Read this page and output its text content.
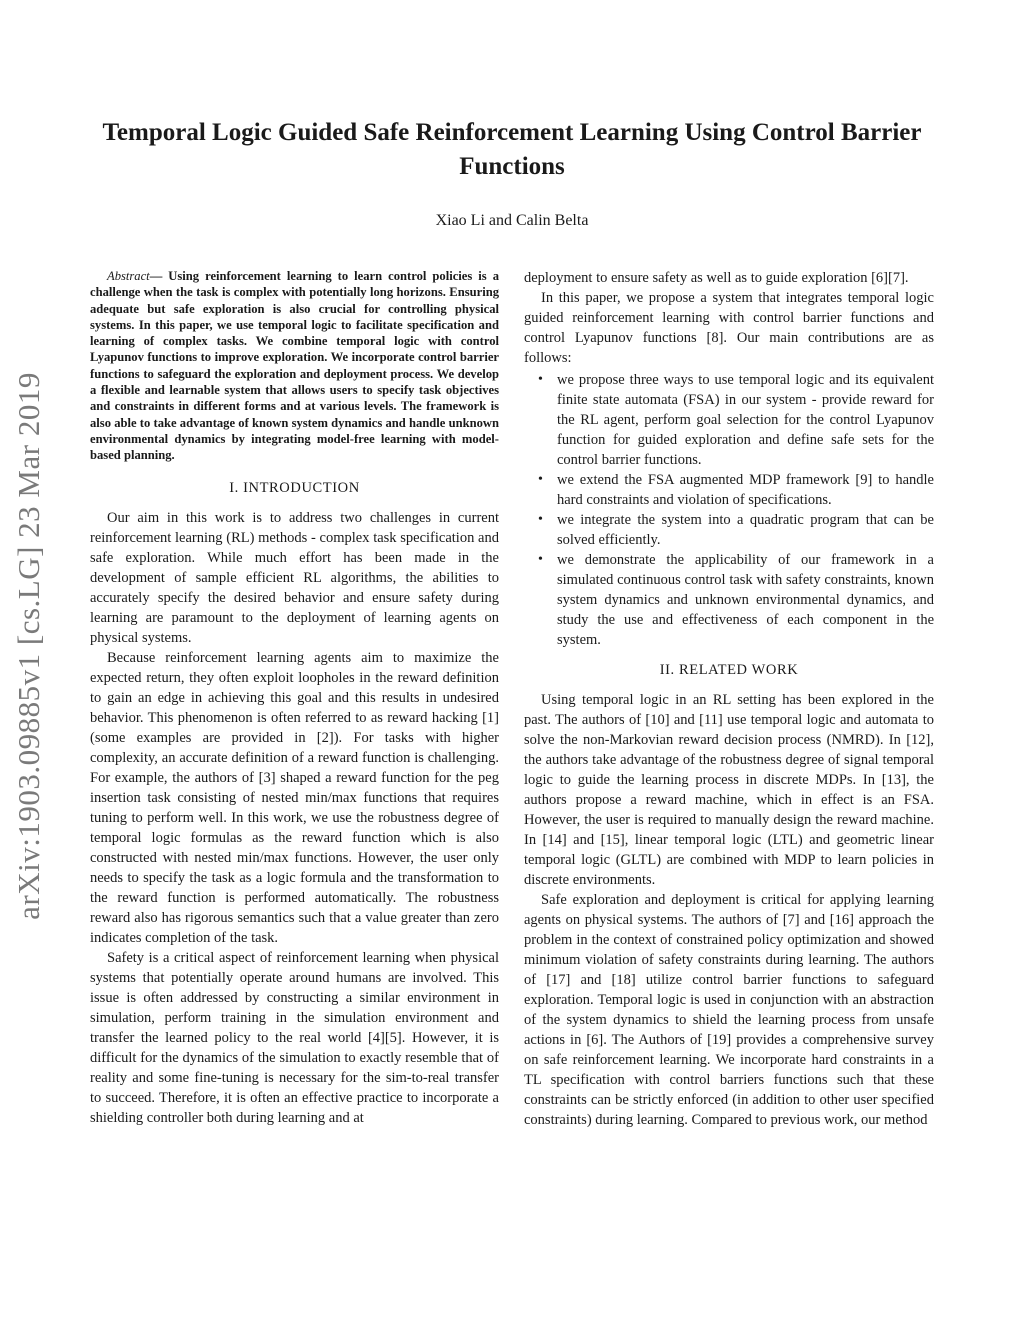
arXiv:1903.09885v1 [cs.LG] 23 Mar 2019
Temporal Logic Guided Safe Reinforcement Learning Using Control Barrier Functions
Xiao Li and Calin Belta

Abstract— Using reinforcement learning to learn control policies is a challenge when the task is complex with potentially long horizons. Ensuring adequate but safe exploration is also crucial for controlling physical systems. In this paper, we use temporal logic to facilitate specification and learning of complex tasks. We combine temporal logic with control Lyapunov functions to improve exploration. We incorporate control barrier functions to safeguard the exploration and deployment process. We develop a flexible and learnable system that allows users to specify task objectives and constraints in different forms and at various levels. The framework is also able to take advantage of known system dynamics and handle unknown environmental dynamics by integrating model-free learning with model-based planning.

I. INTRODUCTION

Our aim in this work is to address two challenges in current reinforcement learning (RL) methods - complex task specification and safe exploration. While much effort has been made in the development of sample efficient RL algorithms, the abilities to accurately specify the desired behavior and ensure safety during learning are paramount to the deployment of learning agents on physical systems.

Because reinforcement learning agents aim to maximize the expected return, they often exploit loopholes in the reward definition to gain an edge in achieving this goal and this results in undesired behavior. This phenomenon is often referred to as reward hacking [1] (some examples are provided in [2]). For tasks with higher complexity, an accurate definition of a reward function is challenging. For example, the authors of [3] shaped a reward function for the peg insertion task consisting of nested min/max functions that requires tuning to perform well. In this work, we use the robustness degree of temporal logic formulas as the reward function which is also constructed with nested min/max functions. However, the user only needs to specify the task as a logic formula and the transformation to the reward function is performed automatically. The robustness reward also has rigorous semantics such that a value greater than zero indicates completion of the task.

Safety is a critical aspect of reinforcement learning when physical systems that potentially operate around humans are involved. This issue is often addressed by constructing a similar environment in simulation, perform training in the simulation environment and transfer the learned policy to the real world [4][5]. However, it is difficult for the dynamics of the simulation to exactly resemble that of reality and some fine-tuning is necessary for the sim-to-real transfer to succeed. Therefore, it is often an effective practice to incorporate a shielding controller both during learning and at

deployment to ensure safety as well as to guide exploration [6][7].

In this paper, we propose a system that integrates temporal logic guided reinforcement learning with control barrier functions and control Lyapunov functions [8]. Our main contributions are as follows:

• we propose three ways to use temporal logic and its equivalent finite state automata (FSA) in our system - provide reward for the RL agent, perform goal selection for the control Lyapunov function for guided exploration and define safe sets for the control barrier functions.
• we extend the FSA augmented MDP framework [9] to handle hard constraints and violation of specifications.
• we integrate the system into a quadratic program that can be solved efficiently.
• we demonstrate the applicability of our framework in a simulated continuous control task with safety constraints, known system dynamics and unknown environmental dynamics, and study the use and effectiveness of each component in the system.
II. RELATED WORK

Using temporal logic in an RL setting has been explored in the past. The authors of [10] and [11] use temporal logic and automata to solve the non-Markovian reward decision process (NMRD). In [12], the authors take advantage of the robustness degree of signal temporal logic to guide the learning process in discrete MDPs. In [13], the authors propose a reward machine, which in effect is an FSA. However, the user is required to manually design the reward machine. In [14] and [15], linear temporal logic (LTL) and geometric linear temporal logic (GLTL) are combined with MDP to learn policies in discrete environments.

Safe exploration and deployment is critical for applying learning agents on physical systems. The authors of [7] and [16] approach the problem in the context of constrained policy optimization and showed minimum violation of safety constraints during learning. The authors of [17] and [18] utilize control barrier functions to safeguard exploration. Temporal logic is used in conjunction with an abstraction of the system dynamics to shield the learning process from unsafe actions in [6]. The Authors of [19] provides a comprehensive survey on safe reinforcement learning. We incorporate hard constraints in a TL specification with control barriers functions such that these constraints can be strictly enforced (in addition to other user specified constraints) during learning. Compared to previous work, our method
